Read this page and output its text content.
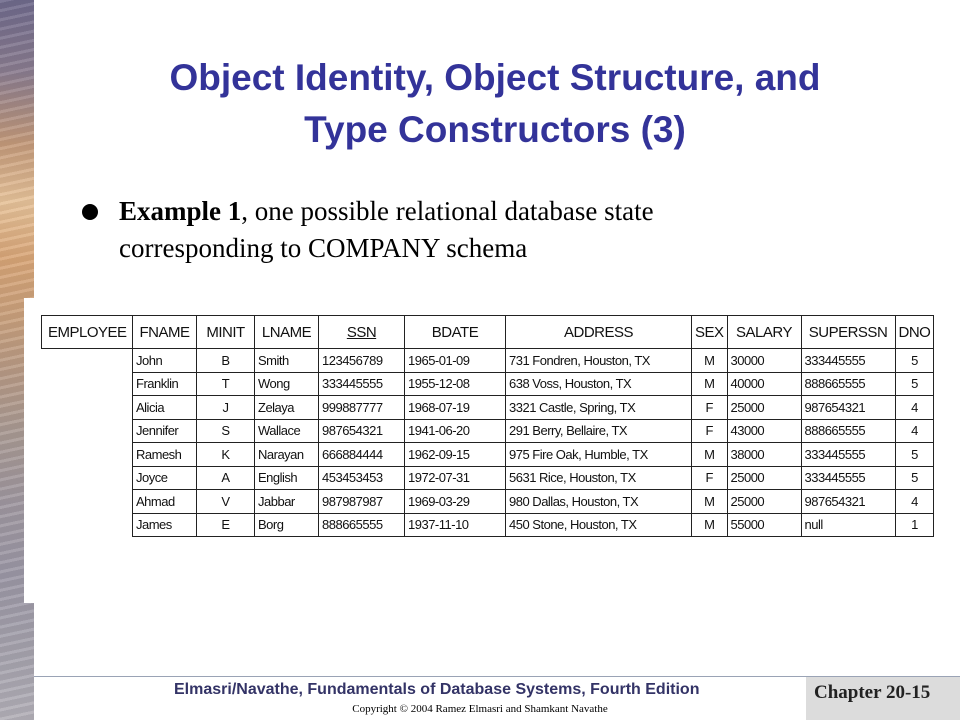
Object Identity, Object Structure, and
Type Constructors (3)
Example 1, one possible relational database state
corresponding to COMPANY schema
EMPLOYEE	FNAME	MINIT	LNAME	SSN	BDATE	ADDRESS	SEX	SALARY	SUPERSSN	DNO
	John	B	Smith	123456789	1965-01-09	731 Fondren, Houston, TX	M	30000	333445555	5
	Franklin	T	Wong	333445555	1955-12-08	638 Voss, Houston, TX	M	40000	888665555	5
	Alicia	J	Zelaya	999887777	1968-07-19	3321 Castle, Spring, TX	F	25000	987654321	4
	Jennifer	S	Wallace	987654321	1941-06-20	291 Berry, Bellaire, TX	F	43000	888665555	4
	Ramesh	K	Narayan	666884444	1962-09-15	975 Fire Oak, Humble, TX	M	38000	333445555	5
	Joyce	A	English	453453453	1972-07-31	5631 Rice, Houston, TX	F	25000	333445555	5
	Ahmad	V	Jabbar	987987987	1969-03-29	980 Dallas, Houston, TX	M	25000	987654321	4
	James	E	Borg	888665555	1937-11-10	450 Stone, Houston, TX	M	55000	null	1
Elmasri/Navathe, Fundamentals of Database Systems, Fourth Edition
Copyright © 2004 Ramez Elmasri and Shamkant Navathe
Chapter 20-15
